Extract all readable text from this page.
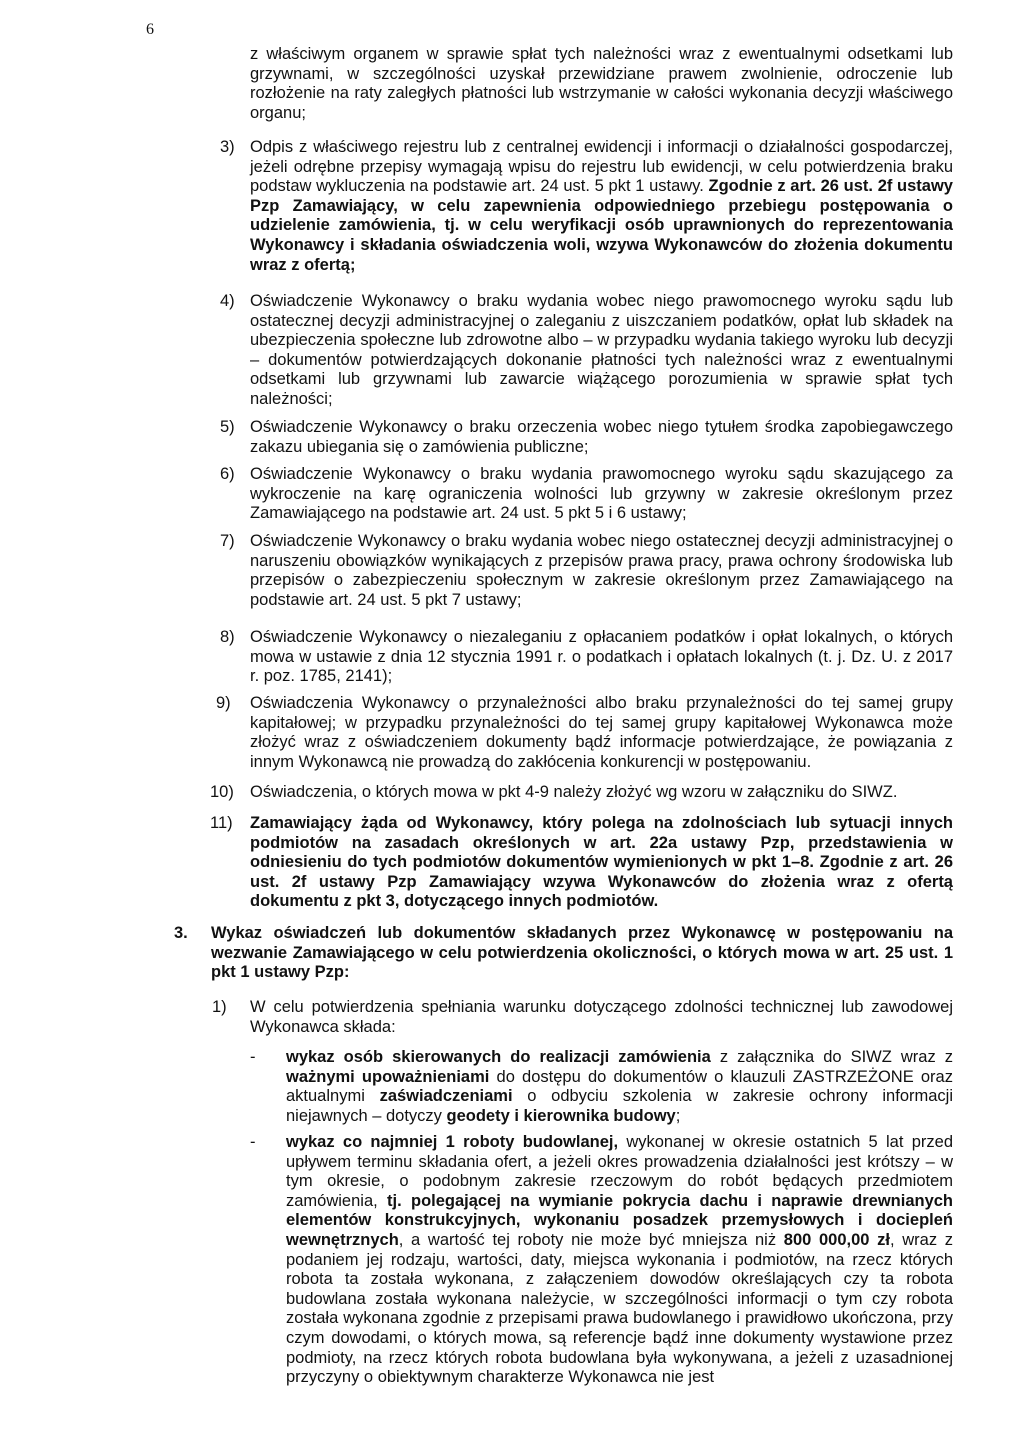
6
z właściwym organem w sprawie spłat tych należności wraz z ewentualnymi odsetkami lub grzywnami, w szczególności uzyskał przewidziane prawem zwolnienie, odroczenie lub rozłożenie na raty zaległych płatności lub wstrzymanie w całości wykonania decyzji właściwego organu;
3) Odpis z właściwego rejestru lub z centralnej ewidencji i informacji o działalności gospodarczej, jeżeli odrębne przepisy wymagają wpisu do rejestru lub ewidencji, w celu potwierdzenia braku podstaw wykluczenia na podstawie art. 24 ust. 5 pkt 1 ustawy. Zgodnie z art. 26 ust. 2f ustawy Pzp Zamawiający, w celu zapewnienia odpowiedniego przebiegu postępowania o udzielenie zamówienia, tj. w celu weryfikacji osób uprawnionych do reprezentowania Wykonawcy i składania oświadczenia woli, wzywa Wykonawców do złożenia dokumentu wraz z ofertą;
4) Oświadczenie Wykonawcy o braku wydania wobec niego prawomocnego wyroku sądu lub ostatecznej decyzji administracyjnej o zaleganiu z uiszczaniem podatków, opłat lub składek na ubezpieczenia społeczne lub zdrowotne albo – w przypadku wydania takiego wyroku lub decyzji – dokumentów potwierdzających dokonanie płatności tych należności wraz z ewentualnymi odsetkami lub grzywnami lub zawarcie wiążącego porozumienia w sprawie spłat tych należności;
5) Oświadczenie Wykonawcy o braku orzeczenia wobec niego tytułem środka zapobiegawczego zakazu ubiegania się o zamówienia publiczne;
6) Oświadczenie Wykonawcy o braku wydania prawomocnego wyroku sądu skazującego za wykroczenie na karę ograniczenia wolności lub grzywny w zakresie określonym przez Zamawiającego na podstawie art. 24 ust. 5 pkt 5 i 6 ustawy;
7) Oświadczenie Wykonawcy o braku wydania wobec niego ostatecznej decyzji administracyjnej o naruszeniu obowiązków wynikających z przepisów prawa pracy, prawa ochrony środowiska lub przepisów o zabezpieczeniu społecznym w zakresie określonym przez Zamawiającego na podstawie art. 24 ust. 5 pkt 7 ustawy;
8) Oświadczenie Wykonawcy o niezaleganiu z opłacaniem podatków i opłat lokalnych, o których mowa w ustawie z dnia 12 stycznia 1991 r. o podatkach i opłatach lokalnych (t. j. Dz. U. z 2017 r. poz. 1785, 2141);
9) Oświadczenia Wykonawcy o przynależności albo braku przynależności do tej samej grupy kapitałowej; w przypadku przynależności do tej samej grupy kapitałowej Wykonawca może złożyć wraz z oświadczeniem dokumenty bądź informacje potwierdzające, że powiązania z innym Wykonawcą nie prowadzą do zakłócenia konkurencji w postępowaniu.
10) Oświadczenia, o których mowa w pkt 4-9 należy złożyć wg wzoru w załączniku do SIWZ.
11) Zamawiający żąda od Wykonawcy, który polega na zdolnościach lub sytuacji innych podmiotów na zasadach określonych w art. 22a ustawy Pzp, przedstawienia w odniesieniu do tych podmiotów dokumentów wymienionych w pkt 1–8. Zgodnie z art. 26 ust. 2f ustawy Pzp Zamawiający wzywa Wykonawców do złożenia wraz z ofertą dokumentu z pkt 3, dotyczącego innych podmiotów.
3. Wykaz oświadczeń lub dokumentów składanych przez Wykonawcę w postępowaniu na wezwanie Zamawiającego w celu potwierdzenia okoliczności, o których mowa w art. 25 ust. 1 pkt 1 ustawy Pzp:
1) W celu potwierdzenia spełniania warunku dotyczącego zdolności technicznej lub zawodowej Wykonawca składa:
- wykaz osób skierowanych do realizacji zamówienia z załącznika do SIWZ wraz z ważnymi upoważnieniami do dostępu do dokumentów o klauzuli ZASTRZEŻONE oraz aktualnymi zaświadczeniami o odbyciu szkolenia w zakresie ochrony informacji niejawnych – dotyczy geodety i kierownika budowy;
- wykaz co najmniej 1 roboty budowlanej, wykonanej w okresie ostatnich 5 lat przed upływem terminu składania ofert, a jeżeli okres prowadzenia działalności jest krótszy – w tym okresie, o podobnym zakresie rzeczowym do robót będących przedmiotem zamówienia, tj. polegającej na wymianie pokrycia dachu i naprawie drewnianych elementów konstrukcyjnych, wykonaniu posadzek przemysłowych i dociepleń wewnętrznych, a wartość tej roboty nie może być mniejsza niż 800 000,00 zł, wraz z podaniem jej rodzaju, wartości, daty, miejsca wykonania i podmiotów, na rzecz których robota ta została wykonana, z załączeniem dowodów określających czy ta robota budowlana została wykonana należycie, w szczególności informacji o tym czy robota została wykonana zgodnie z przepisami prawa budowlanego i prawidłowo ukończona, przy czym dowodami, o których mowa, są referencje bądź inne dokumenty wystawione przez podmioty, na rzecz których robota budowlana była wykonywana, a jeżeli z uzasadnionej przyczyny o obiektywnym charakterze Wykonawca nie jest
